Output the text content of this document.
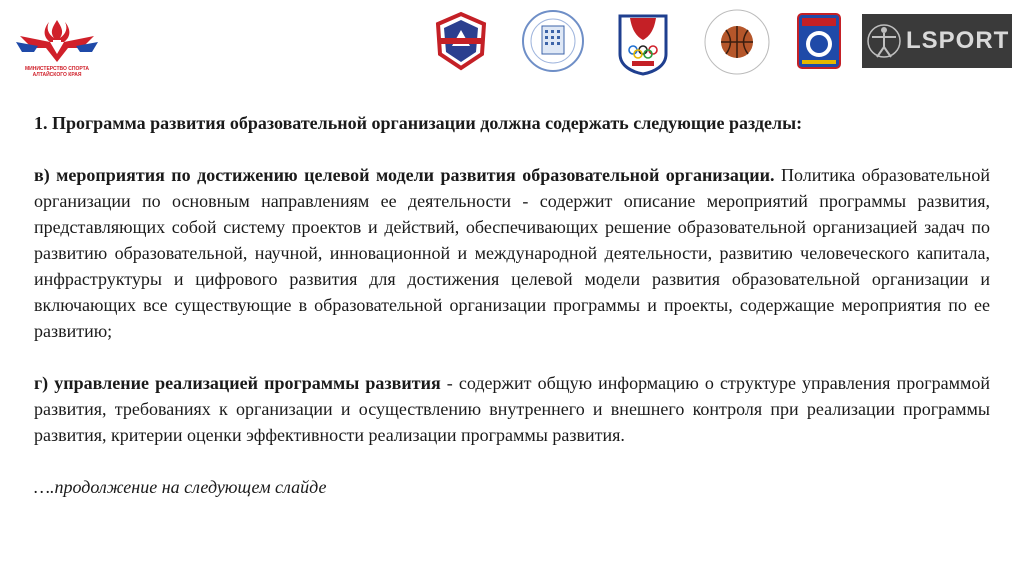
МИНИСТЕРСТВО СПОРТА АЛТАЙСКОГО КРАЯ
LSPORT

1. Программа развития образовательной организации должна содержать следующие разделы:

в) мероприятия по достижению целевой модели развития образовательной организации. Политика образовательной организации по основным направлениям ее деятельности - содержит описание мероприятий программы развития, представляющих собой систему проектов и действий, обеспечивающих решение образовательной организацией задач по развитию образовательной, научной, инновационной и международной деятельности, развитию человеческого капитала, инфраструктуры и цифрового развития для достижения целевой модели развития образовательной организации и включающих все существующие в образовательной организации программы и проекты, содержащие мероприятия по ее развитию;

г) управление реализацией программы развития - содержит общую информацию о структуре управления программой развития, требованиях к организации и осуществлению внутреннего и внешнего контроля при реализации программы развития, критерии оценки эффективности реализации программы развития.

….продолжение на следующем слайде
